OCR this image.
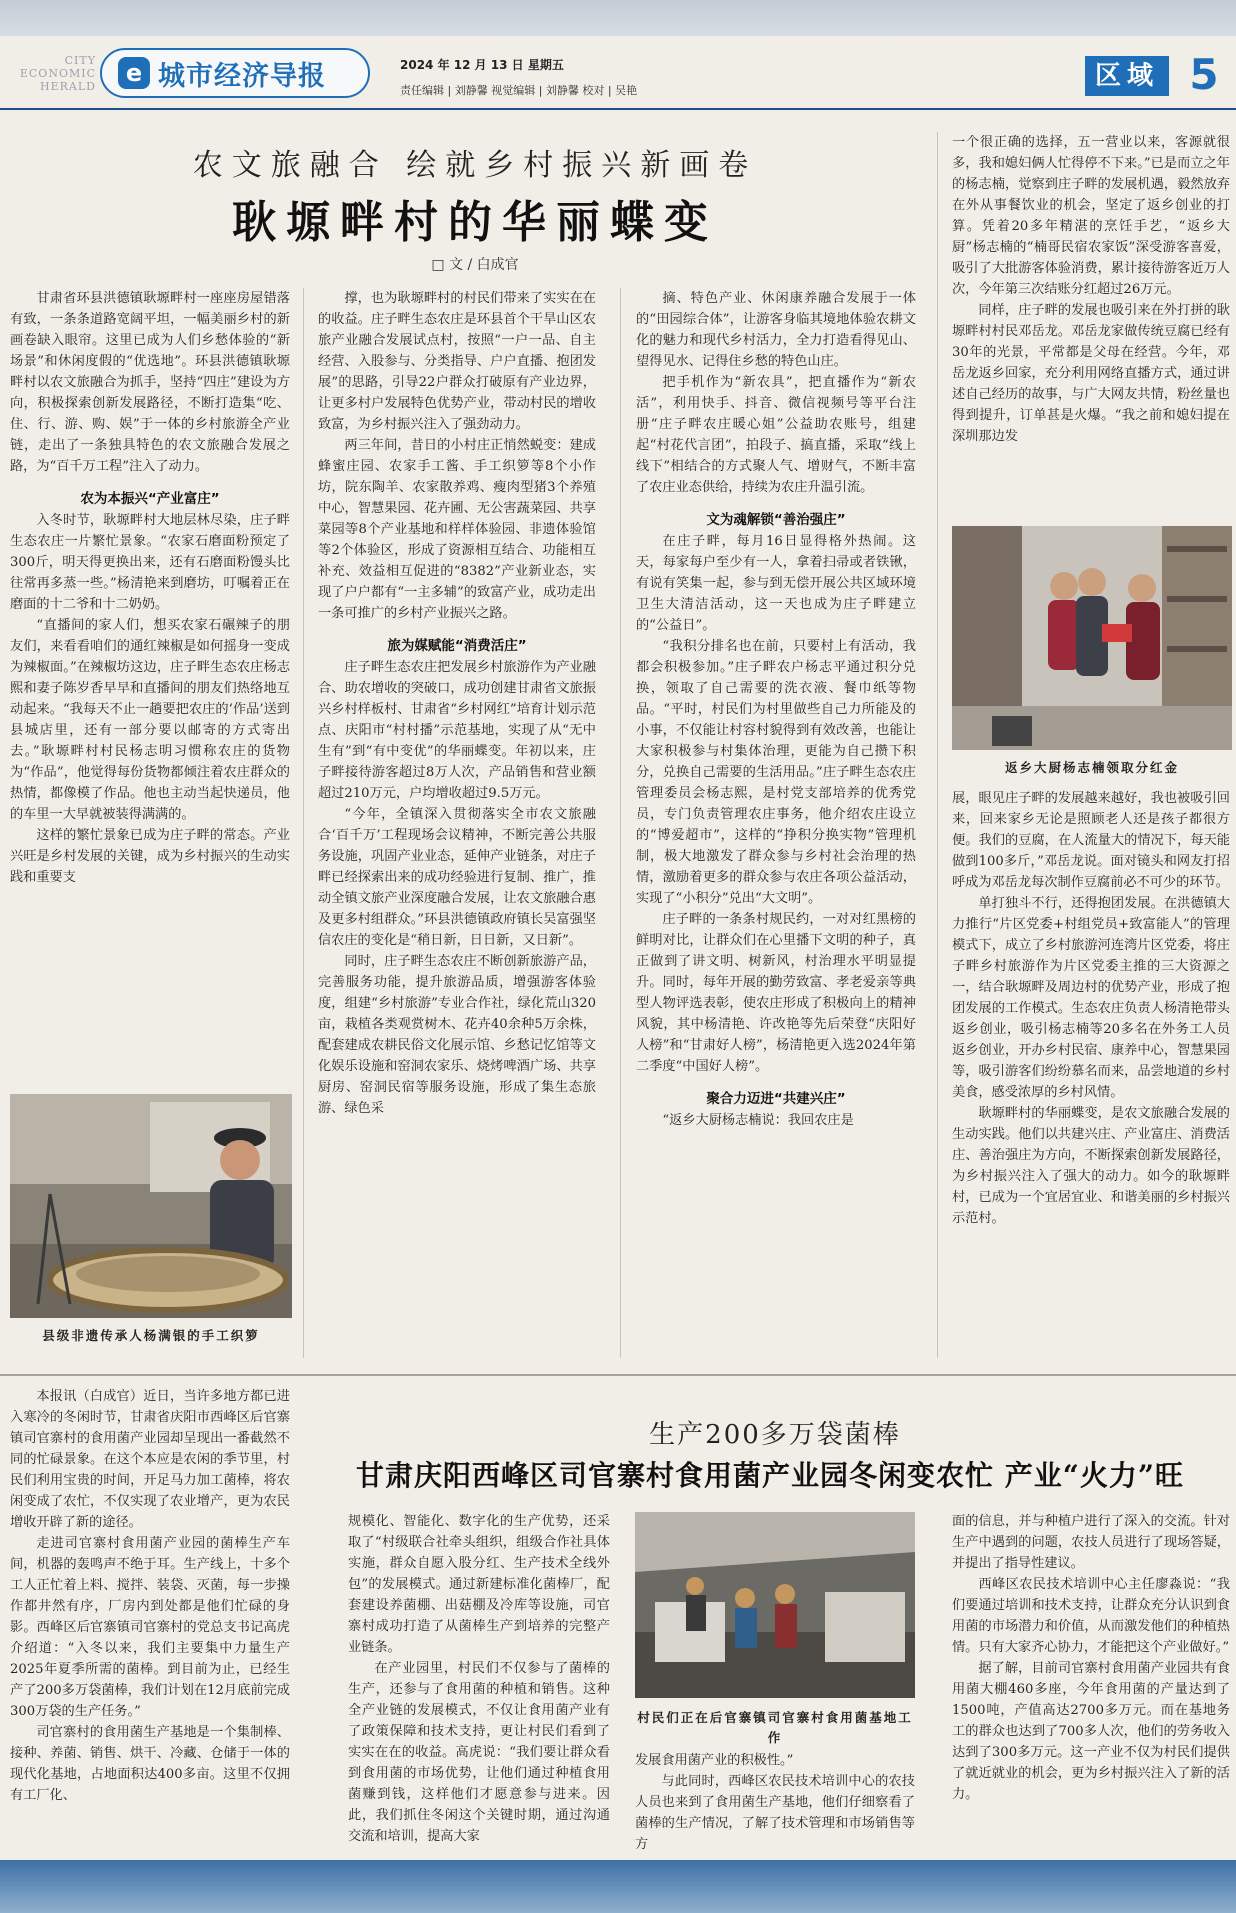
CITY ECONOMIC HERALD	e 城市经济导报	2024 年 12 月 13 日 星期五
责任编辑 | 刘静馨 视觉编辑 | 刘静馨 校对 | 吴艳	区域 5
农文旅融合 绘就乡村振兴新画卷
耿塬畔村的华丽蝶变
□ 文 / 白成官

甘肃省环县洪德镇耿塬畔村一座座房屋错落有致，一条条道路宽阔平坦，一幅美丽乡村的新画卷缺入眼帘。这里已成为人们乡愁体验的“新场景”和休闲度假的“优选地”。环县洪德镇耿塬畔村以农文旅融合为抓手，坚持“四庄”建设为方向，积极探索创新发展路径，不断打造集“吃、住、行、游、购、娱”于一体的乡村旅游全产业链，走出了一条独具特色的农文旅融合发展之路，为“百千万工程”注入了动力。

农为本振兴“产业富庄”

入冬时节，耿塬畔村大地层林尽染，庄子畔生态农庄一片繁忙景象。“农家石磨面粉预定了300斤，明天得更换出来，还有石磨面粉馒头比往常再多蒸一些。”杨清艳来到磨坊，叮嘱着正在磨面的十二爷和十二奶奶。

“直播间的家人们，想买农家石碾辣子的朋友们，来看看咱们的通红辣椒是如何摇身一变成为辣椒面。”在辣椒坊这边，庄子畔生态农庄杨志熙和妻子陈岁香早早和直播间的朋友们热络地互动起来。“我每天不止一趟要把农庄的‘作品’送到县城店里，还有一部分要以邮寄的方式寄出去。”耿塬畔村村民杨志明习惯称农庄的货物为“作品”，他觉得每份货物都倾注着农庄群众的热情，都像模了作品。他也主动当起快递员，他的车里一大早就被装得满满的。

这样的繁忙景象已成为庄子畔的常态。产业兴旺是乡村发展的关键，成为乡村振兴的生动实践和重要支

县级非遗传承人杨满银的手工织箩

撑，也为耿塬畔村的村民们带来了实实在在的收益。庄子畔生态农庄是环县首个干旱山区农旅产业融合发展试点村，按照“一户一品、自主经营、入股参与、分类指导、户户直播、抱团发展”的思路，引导22户群众打破原有产业边界，让更多村户发展特色优势产业，带动村民的增收致富，为乡村振兴注入了强劲动力。

两三年间，昔日的小村庄正悄然蜕变：建成蜂蜜庄园、农家手工酱、手工织箩等8个小作坊，院东陶羊、农家散养鸡、瘦肉型猪3个养殖中心，智慧果园、花卉圃、无公害蔬菜园、共享菜园等8个产业基地和样样体验园、非遗体验馆等2个体验区，形成了资源相互结合、功能相互补充、效益相互促进的“8382”产业新业态，实现了户户都有“一主多辅”的致富产业，成功走出一条可推广的乡村产业振兴之路。

旅为媒赋能“消费活庄”

庄子畔生态农庄把发展乡村旅游作为产业融合、助农增收的突破口，成功创建甘肃省文旅振兴乡村样板村、甘肃省“乡村网红”培育计划示范点、庆阳市“村村播”示范基地，实现了从“无中生有”到“有中变优”的华丽蝶变。年初以来，庄子畔接待游客超过8万人次，产品销售和营业额超过210万元，户均增收超过9.5万元。

“今年，全镇深入贯彻落实全市农文旅融合‘百千万’工程现场会议精神，不断完善公共服务设施，巩固产业业态，延伸产业链条，对庄子畔已经探索出来的成功经验进行复制、推广，推动全镇文旅产业深度融合发展，让农文旅融合惠及更多村组群众。”环县洪德镇政府镇长吴富强坚信农庄的变化是“稍日新，日日新，又日新”。

同时，庄子畔生态农庄不断创新旅游产品，完善服务功能，提升旅游品质，增强游客体验度，组建“乡村旅游”专业合作社，绿化荒山320亩，栽植各类观赏树木、花卉40余种5万余株，配套建成农耕民俗文化展示馆、乡愁记忆馆等文化娱乐设施和窑洞农家乐、烧烤啤酒广场、共享厨房、窑洞民宿等服务设施，形成了集生态旅游、绿色采

摘、特色产业、休闲康养融合发展于一体的“田园综合体”，让游客身临其境地体验农耕文化的魅力和现代乡村活力，全力打造看得见山、望得见水、记得住乡愁的特色山庄。

把手机作为“新农具”，把直播作为“新农活”，利用快手、抖音、微信视频号等平台注册“庄子畔农庄暖心姐”公益助农账号，组建起“村花代言团”，拍段子、搞直播，采取“线上线下”相结合的方式聚人气、增财气，不断丰富了农庄业态供给，持续为农庄升温引流。

文为魂解锁“善治强庄”

在庄子畔，每月16日显得格外热闹。这天，每家每户至少有一人，拿着扫帚或者铁锹，有说有笑集一起，参与到无偿开展公共区域环境卫生大清洁活动，这一天也成为庄子畔建立的“公益日”。

“我积分排名也在前，只要村上有活动，我都会积极参加。”庄子畔农户杨志平通过积分兑换，领取了自己需要的洗衣液、餐巾纸等物品。“平时，村民们为村里做些自己力所能及的小事，不仅能让村容村貌得到有效改善，也能让大家积极参与村集体治理，更能为自己攒下积分，兑换自己需要的生活用品。”庄子畔生态农庄管理委员会杨志熙，是村党支部培养的优秀党员，专门负责管理农庄事务，他介绍农庄设立的“博爱超市”，这样的“挣积分换实物”管理机制，极大地激发了群众参与乡村社会治理的热情，激励着更多的群众参与农庄各项公益活动，实现了“小积分”兑出“大文明”。

庄子畔的一条条村规民约，一对对红黑榜的鲜明对比，让群众们在心里播下文明的种子，真正做到了讲文明、树新风，村治理水平明显提升。同时，每年开展的勤劳致富、孝老爱亲等典型人物评选表彰，使农庄形成了积极向上的精神风貌，其中杨清艳、许改艳等先后荣登“庆阳好人榜”和“甘肃好人榜”，杨清艳更入选2024年第二季度“中国好人榜”。

聚合力迈进“共建兴庄”

“返乡大厨杨志楠说：我回农庄是

一个很正确的选择，五一营业以来，客源就很多，我和媳妇俩人忙得停不下来。”已是而立之年的杨志楠，觉察到庄子畔的发展机遇，毅然放弃在外从事餐饮业的机会，坚定了返乡创业的打算。凭着20多年精湛的烹饪手艺，“返乡大厨”杨志楠的“楠哥民宿农家饭”深受游客喜爱，吸引了大批游客体验消费，累计接待游客近万人次，今年第三次结账分红超过26万元。

同样，庄子畔的发展也吸引来在外打拼的耿塬畔村村民邓岳龙。邓岳龙家做传统豆腐已经有30年的光景，平常都是父母在经营。今年，邓岳龙返乡回家，充分利用网络直播方式，通过讲述自己经历的故事，与广大网友共情，粉丝量也得到提升，订单甚是火爆。“我之前和媳妇提在深圳那边发

返乡大厨杨志楠领取分红金

展，眼见庄子畔的发展越来越好，我也被吸引回来，回来家乡无论是照顾老人还是孩子都很方便。我们的豆腐，在人流量大的情况下，每天能做到100多斤，”邓岳龙说。面对镜头和网友打招呼成为邓岳龙每次制作豆腐前必不可少的环节。

单打独斗不行，还得抱团发展。在洪德镇大力推行“片区党委+村组党员+致富能人”的管理模式下，成立了乡村旅游河连湾片区党委，将庄子畔乡村旅游作为片区党委主推的三大资源之一，结合耿塬畔及周边村的优势产业，形成了抱团发展的工作模式。生态农庄负责人杨清艳带头返乡创业，吸引杨志楠等20多名在外务工人员返乡创业，开办乡村民宿、康养中心，智慧果园等，吸引游客们纷纷慕名而来，品尝地道的乡村美食，感受浓厚的乡村风情。

耿塬畔村的华丽蝶变，是农文旅融合发展的生动实践。他们以共建兴庄、产业富庄、消费活庄、善治强庄为方向，不断探索创新发展路径，为乡村振兴注入了强大的动力。如今的耿塬畔村，已成为一个宜居宜业、和谐美丽的乡村振兴示范村。

本报讯（白成官）近日，当许多地方都已进入寒冷的冬闲时节，甘肃省庆阳市西峰区后官寨镇司官寨村的食用菌产业园却呈现出一番截然不同的忙碌景象。在这个本应是农闲的季节里，村民们利用宝贵的时间，开足马力加工菌棒，将农闲变成了农忙，不仅实现了农业增产，更为农民增收开辟了新的途径。

走进司官寨村食用菌产业园的菌棒生产车间，机器的轰鸣声不绝于耳。生产线上，十多个工人正忙着上料、搅拌、装袋、灭菌，每一步操作都井然有序，厂房内到处都是他们忙碌的身影。西峰区后官寨镇司官寨村的党总支书记高虎介绍道：“入冬以来，我们主要集中力量生产2025年夏季所需的菌棒。到目前为止，已经生产了200多万袋菌棒，我们计划在12月底前完成300万袋的生产任务。”

司官寨村的食用菌生产基地是一个集制棒、接种、养菌、销售、烘干、冷藏、仓储于一体的现代化基地，占地面积达400多亩。这里不仅拥有工厂化、

生产200多万袋菌棒
甘肃庆阳西峰区司官寨村食用菌产业园冬闲变农忙 产业“火力”旺

规模化、智能化、数字化的生产优势，还采取了“村级联合社牵头组织，组级合作社具体实施，群众自愿入股分红、生产技术全线外包”的发展模式。通过新建标准化菌棒厂，配套建设养菌棚、出菇棚及冷库等设施，司官寨村成功打造了从菌棒生产到培养的完整产业链条。

在产业园里，村民们不仅参与了菌棒的生产，还参与了食用菌的种植和销售。这种全产业链的发展模式，不仅让食用菌产业有了政策保障和技术支持，更让村民们看到了实实在在的收益。高虎说：“我们要让群众看到食用菌的市场优势，让他们通过种植食用菌赚到钱，这样他们才愿意参与进来。因此，我们抓住冬闲这个关键时期，通过沟通交流和培训，提高大家

村民们正在后官寨镇司官寨村食用菌基地工作

发展食用菌产业的积极性。”

与此同时，西峰区农民技术培训中心的农技人员也来到了食用菌生产基地，他们仔细察看了菌棒的生产情况，了解了技术管理和市场销售等方

面的信息，并与种植户进行了深入的交流。针对生产中遇到的问题，农技人员进行了现场答疑，并提出了指导性建议。

西峰区农民技术培训中心主任廖淼说：“我们要通过培训和技术支持，让群众充分认识到食用菌的市场潜力和价值，从而激发他们的种植热情。只有大家齐心协力，才能把这个产业做好。”

据了解，目前司官寨村食用菌产业园共有食用菌大棚460多座，今年食用菌的产量达到了1500吨，产值高达2700多万元。而在基地务工的群众也达到了700多人次，他们的劳务收入达到了300多万元。这一产业不仅为村民们提供了就近就业的机会，更为乡村振兴注入了新的活力。
